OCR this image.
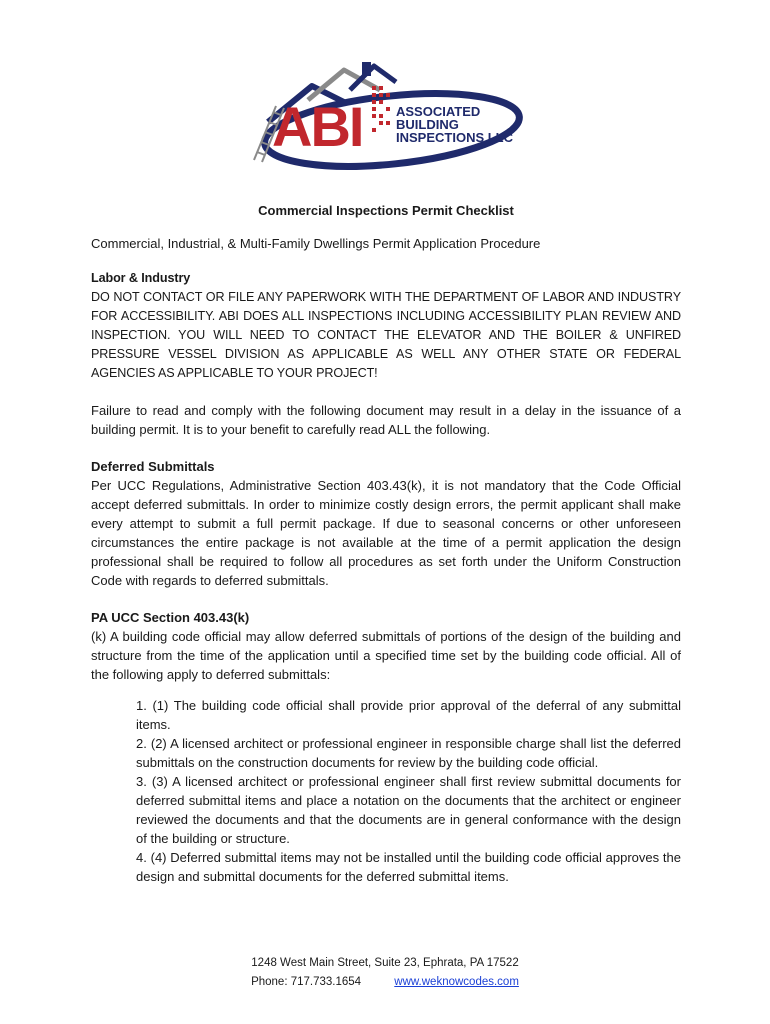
ABI	ASSOCIATED
BUILDING
INSPECTIONS LLC
Commercial Inspections Permit Checklist
Commercial, Industrial, & Multi-Family Dwellings Permit Application Procedure
Labor & Industry
DO NOT CONTACT OR FILE ANY PAPERWORK WITH THE DEPARTMENT OF LABOR AND INDUSTRY FOR ACCESSIBILITY. ABI DOES ALL INSPECTIONS INCLUDING ACCESSIBILITY PLAN REVIEW AND INSPECTION. YOU WILL NEED TO CONTACT THE ELEVATOR AND THE BOILER & UNFIRED PRESSURE VESSEL DIVISION AS APPLICABLE AS WELL ANY OTHER STATE OR FEDERAL AGENCIES AS APPLICABLE TO YOUR PROJECT!
Failure to read and comply with the following document may result in a delay in the issuance of a building permit. It is to your benefit to carefully read ALL the following.
Deferred Submittals
Per UCC Regulations, Administrative Section 403.43(k), it is not mandatory that the Code Official accept deferred submittals. In order to minimize costly design errors, the permit applicant shall make every attempt to submit a full permit package. If due to seasonal concerns or other unforeseen circumstances the entire package is not available at the time of a permit application the design professional shall be required to follow all procedures as set forth under the Uniform Construction Code with regards to deferred submittals.
PA UCC Section 403.43(k)
(k) A building code official may allow deferred submittals of portions of the design of the building and structure from the time of the application until a specified time set by the building code official. All of the following apply to deferred submittals:
1. (1) The building code official shall provide prior approval of the deferral of any submittal items.
2. (2) A licensed architect or professional engineer in responsible charge shall list the deferred submittals on the construction documents for review by the building code official.
3. (3) A licensed architect or professional engineer shall first review submittal documents for deferred submittal items and place a notation on the documents that the architect or engineer reviewed the documents and that the documents are in general conformance with the design of the building or structure.
4. (4) Deferred submittal items may not be installed until the building code official approves the design and submittal documents for the deferred submittal items.
1248 West Main Street, Suite 23, Ephrata, PA 17522
Phone: 717.733.1654	www.weknowcodes.com
